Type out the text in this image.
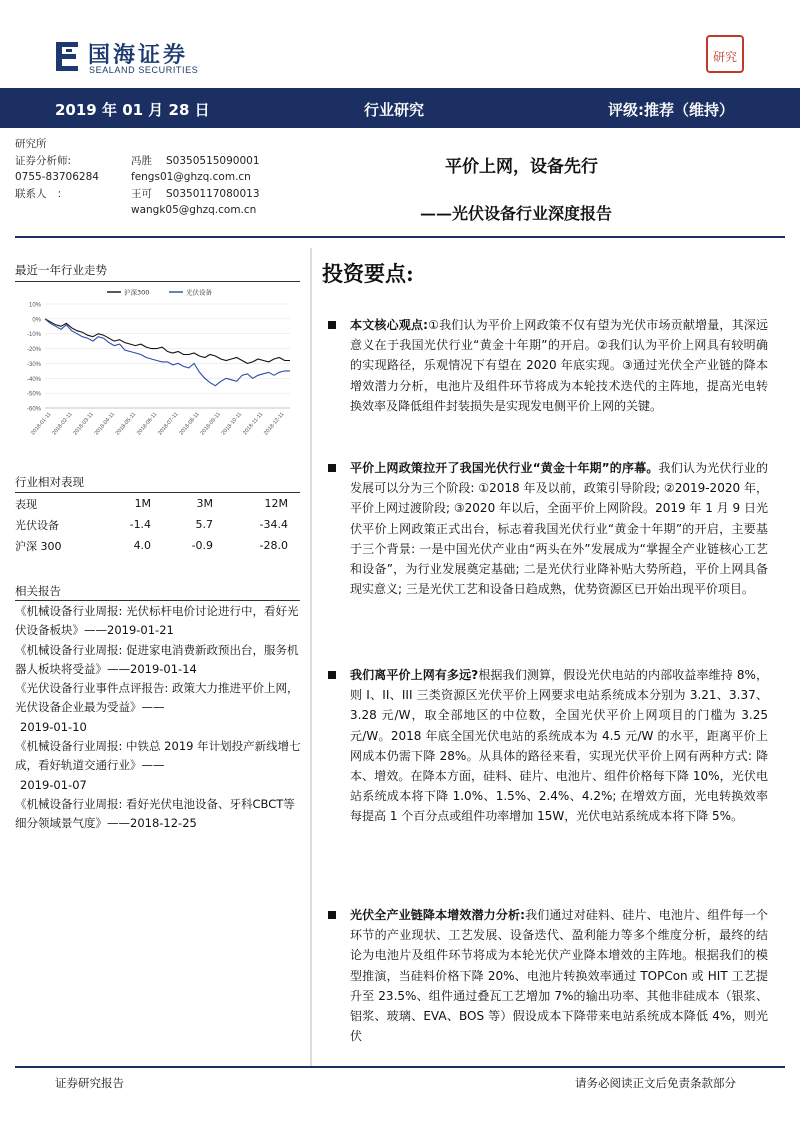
国海证券
SEALAND SECURITIES
研究
2019 年 01 月 28 日	行业研究	评级:推荐（维持）
研究所
证券分析师:	冯胜 S0350515090001
0755-83706284	fengs01@ghzq.com.cn
联系人　：	王可 S0350117080013
wangk05@ghzq.com.cn
平价上网，设备先行
——光伏设备行业深度报告
最近一年行业走势
10%
0%
-10%
-20%
-30%
-40%
-50%
-60%
2018-01-11
2018-02-11
2018-03-11
2018-04-11
2018-05-11
2018-06-11
2018-07-11
2018-08-11
2018-09-11
2018-10-11 2018-11-11
2018-12-11
沪深300	光伏设备
行业相对表现
表现	1M	3M	12M
光伏设备	-1.4	5.7	-34.4
沪深 300	4.0	-0.9	-28.0
相关报告
《机械设备行业周报: 光伏标杆电价讨论进行中，看好光伏设备板块》——2019-01-21
《机械设备行业周报: 促进家电消费新政预出台，服务机器人板块将受益》——2019-01-14
《光伏设备行业事件点评报告: 政策大力推进平价上网，光伏设备企业最为受益》——
2019-01-10
《机械设备行业周报: 中铁总 2019 年计划投产新线增七成，看好轨道交通行业》——
2019-01-07
《机械设备行业周报: 看好光伏电池设备、牙科CBCT等细分领域景气度》——2018-12-25
投资要点:

本文核心观点:①我们认为平价上网政策不仅有望为光伏市场贡献增量，其深远意义在于我国光伏行业“黄金十年期”的开启。②我们认为平价上网具有较明确的实现路径，乐观情况下有望在 2020 年底实现。③通过光伏全产业链的降本增效潜力分析，电池片及组件环节将成为本轮技术迭代的主阵地，提高光电转换效率及降低组件封装损失是实现发电侧平价上网的关键。

平价上网政策拉开了我国光伏行业“黄金十年期”的序幕。我们认为光伏行业的发展可以分为三个阶段: ①2018 年及以前，政策引导阶段; ②2019-2020 年，平价上网过渡阶段; ③2020 年以后，全面平价上网阶段。2019 年 1 月 9 日光伏平价上网政策正式出台，标志着我国光伏行业“黄金十年期”的开启，主要基于三个背景: 一是中国光伏产业由“两头在外”发展成为“掌握全产业链核心工艺和设备”，为行业发展奠定基础; 二是光伏行业降补贴大势所趋，平价上网具备现实意义; 三是光伏工艺和设备日趋成熟，优势资源区已开始出现平价项目。

我们离平价上网有多远?根据我们测算，假设光伏电站的内部收益率维持 8%，则 I、II、III 三类资源区光伏平价上网要求电站系统成本分别为 3.21、3.37、3.28 元/W，取全部地区的中位数，全国光伏平价上网项目的门槛为 3.25 元/W。2018 年底全国光伏电站的系统成本为 4.5 元/W 的水平，距离平价上网成本仍需下降 28%。从具体的路径来看，实现光伏平价上网有两种方式: 降本、增效。在降本方面，硅料、硅片、电池片、组件价格每下降 10%，光伏电站系统成本将下降 1.0%、1.5%、2.4%、4.2%; 在增效方面，光电转换效率每提高 1 个百分点或组件功率增加 15W，光伏电站系统成本将下降 5%。

光伏全产业链降本增效潜力分析:我们通过对硅料、硅片、电池片、组件每一个环节的产业现状、工艺发展、设备迭代、盈利能力等多个维度分析，最终的结论为电池片及组件环节将成为本轮光伏产业降本增效的主阵地。根据我们的模型推演，当硅料价格下降 20%、电池片转换效率通过 TOPCon 或 HIT 工艺提升至 23.5%、组件通过叠瓦工艺增加 7%的输出功率、其他非硅成本（银浆、铝浆、玻璃、EVA、BOS 等）假设成本下降带来电站系统成本降低 4%，则光伏

证券研究报告	请务必阅读正文后免责条款部分
